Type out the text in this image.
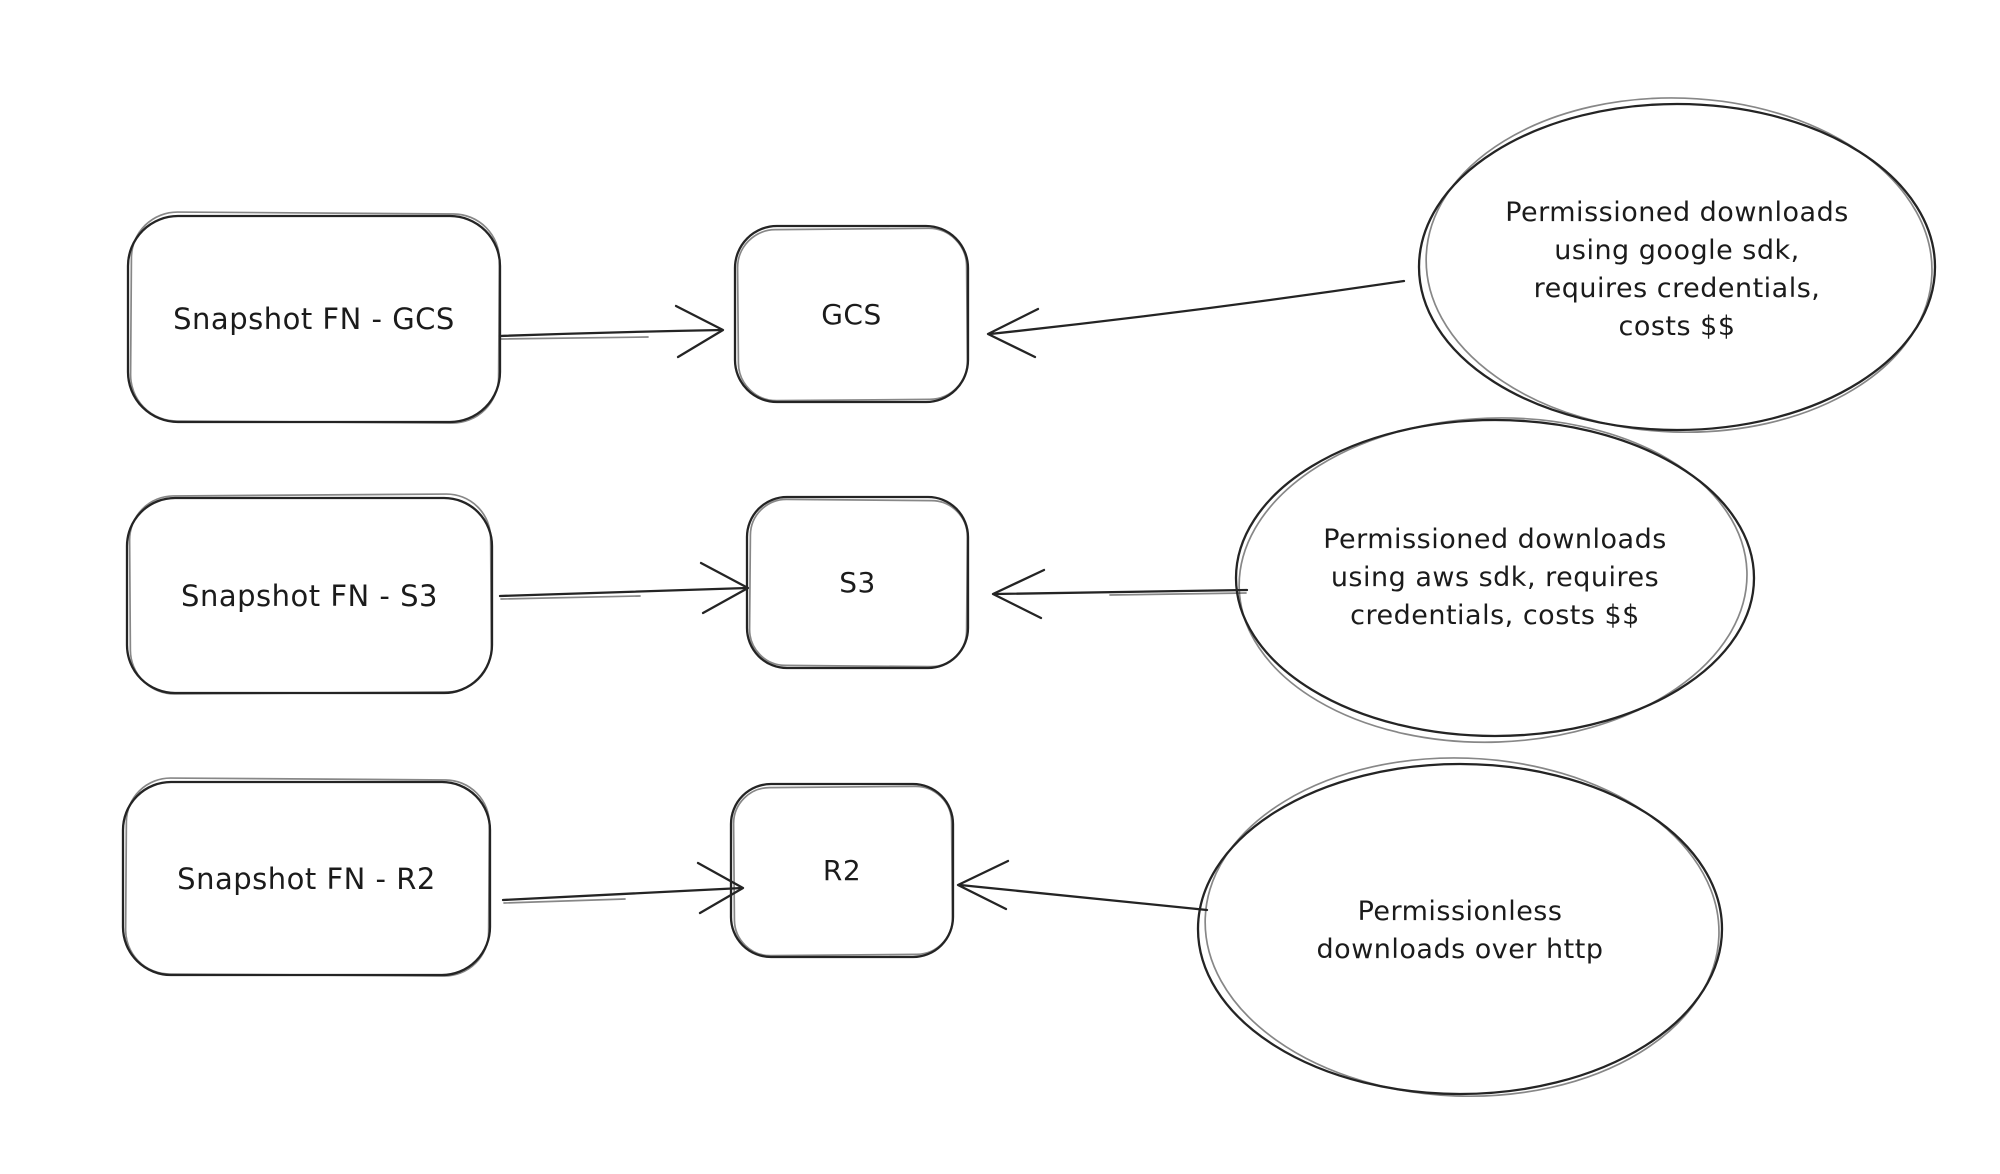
Snapshot FN - GCS	GCS
Permissioned downloads
using google sdk,
requires credentials,
costs $$
Snapshot FN - S3	S3
Permissioned downloads
using aws sdk, requires
credentials, costs $$
Snapshot FN - R2	R2
Permissionless
downloads over http
